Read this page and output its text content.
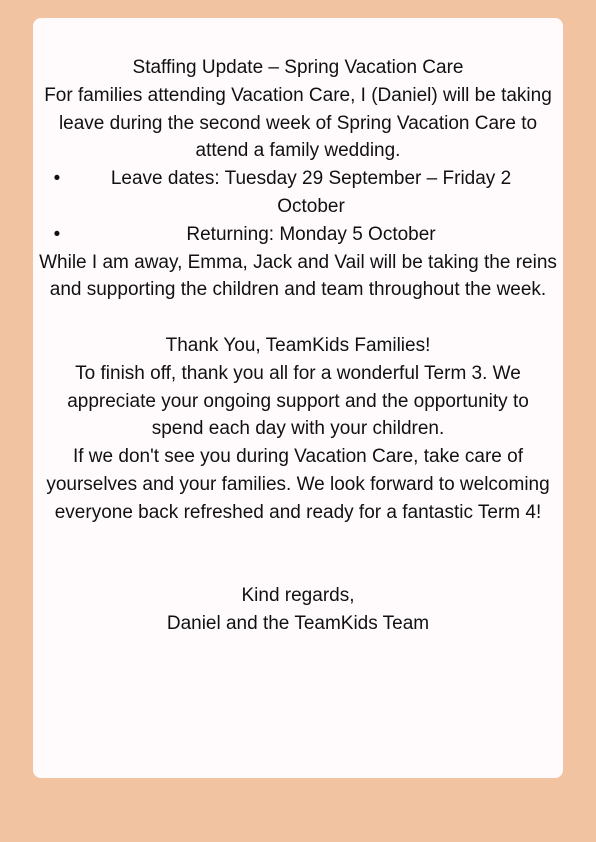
Staffing Update – Spring Vacation Care

For families attending Vacation Care, I (Daniel) will be taking leave during the second week of Spring Vacation Care to attend a family wedding.

•	Leave dates: Tuesday 29 September – Friday 2 October
•	Returning: Monday 5 October

While I am away, Emma, Jack and Vail will be taking the reins and supporting the children and team throughout the week.

Thank You, TeamKids Families!

To finish off, thank you all for a wonderful Term 3. We appreciate your ongoing support and the opportunity to spend each day with your children.

If we don't see you during Vacation Care, take care of yourselves and your families. We look forward to welcoming everyone back refreshed and ready for a fantastic Term 4!

Kind regards,

Daniel and the TeamKids Team
